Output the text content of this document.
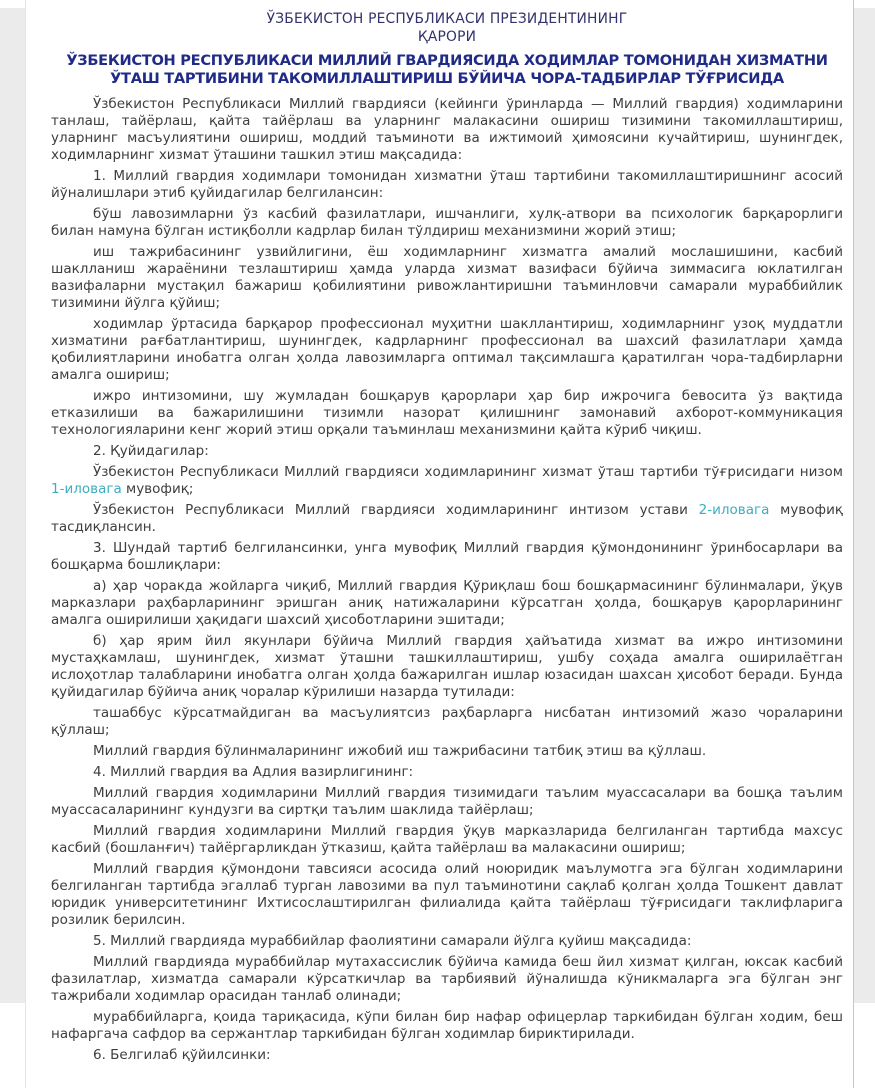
ЎЗБЕКИСТОН РЕСПУБЛИКАСИ ПРЕЗИДЕНТИНИНГ
ҚАРОРИ
ЎЗБЕКИСТОН РЕСПУБЛИКАСИ МИЛЛИЙ ГВАРДИЯСИДА ХОДИМЛАР ТОМОНИДАН ХИЗМАТНИ ЎТАШ ТАРТИБИНИ ТАКОМИЛЛАШТИРИШ БЎЙИЧА ЧОРА-ТАДБИРЛАР ТЎҒРИСИДА

Ўзбекистон Республикаси Миллий гвардияси (кейинги ўринларда — Миллий гвардия) ходимларини танлаш, тайёрлаш, қайта тайёрлаш ва уларнинг малакасини ошириш тизимини такомиллаштириш, уларнинг масъулиятини ошириш, моддий таъминоти ва ижтимоий ҳимоясини кучайтириш, шунингдек, ходимларнинг хизмат ўташини ташкил этиш мақсадида:

1. Миллий гвардия ходимлари томонидан хизматни ўташ тартибини такомиллаштиришнинг асосий йўналишлари этиб қуйидагилар белгилансин:

бўш лавозимларни ўз касбий фазилатлари, ишчанлиги, хулқ-атвори ва психологик барқарорлиги билан намуна бўлган истиқболли кадрлар билан тўлдириш механизмини жорий этиш;

иш тажрибасининг узвийлигини, ёш ходимларнинг хизматга амалий мослашишини, касбий шаклланиш жараёнини тезлаштириш ҳамда уларда хизмат вазифаси бўйича зиммасига юклатилган вазифаларни мустақил бажариш қобилиятини ривожлантиришни таъминловчи самарали мураббийлик тизимини йўлга қўйиш;

ходимлар ўртасида барқарор профессионал муҳитни шакллантириш, ходимларнинг узоқ муддатли хизматини рағбатлантириш, шунингдек, кадрларнинг профессионал ва шахсий фазилатлари ҳамда қобилиятларини инобатга олган ҳолда лавозимларга оптимал тақсимлашга қаратилган чора-тадбирларни амалга ошириш;

ижро интизомини, шу жумладан бошқарув қарорлари ҳар бир ижрочига бевосита ўз вақтида етказилиши ва бажарилишини тизимли назорат қилишнинг замонавий ахборот-коммуникация технологияларини кенг жорий этиш орқали таъминлаш механизмини қайта кўриб чиқиш.

2. Қуйидагилар:

Ўзбекистон Республикаси Миллий гвардияси ходимларининг хизмат ўташ тартиби тўғрисидаги низом 1-иловага мувофиқ;

Ўзбекистон Республикаси Миллий гвардияси ходимларининг интизом устави 2-иловага мувофиқ тасдиқлансин.

3. Шундай тартиб белгилансинки, унга мувофиқ Миллий гвардия қўмондонининг ўринбосарлари ва бошқарма бошлиқлари:

а) ҳар чоракда жойларга чиқиб, Миллий гвардия Қўриқлаш бош бошқармасининг бўлинмалари, ўқув марказлари раҳбарларининг эришган аниқ натижаларини кўрсатган ҳолда, бошқарув қарорларининг амалга оширилиши ҳақидаги шахсий ҳисоботларини эшитади;

б) ҳар ярим йил якунлари бўйича Миллий гвардия ҳайъатида хизмат ва ижро интизомини мустаҳкамлаш, шунингдек, хизмат ўташни ташкиллаштириш, ушбу соҳада амалга оширилаётган ислоҳотлар талабларини инобатга олган ҳолда бажарилган ишлар юзасидан шахсан ҳисобот беради. Бунда қуйидагилар бўйича аниқ чоралар кўрилиши назарда тутилади:

ташаббус кўрсатмайдиган ва масъулиятсиз раҳбарларга нисбатан интизомий жазо чораларини қўллаш;

Миллий гвардия бўлинмаларининг ижобий иш тажрибасини татбиқ этиш ва қўллаш.

4. Миллий гвардия ва Адлия вазирлигининг:

Миллий гвардия ходимларини Миллий гвардия тизимидаги таълим муассасалари ва бошқа таълим муассасаларининг кундузги ва сиртқи таълим шаклида тайёрлаш;

Миллий гвардия ходимларини Миллий гвардия ўқув марказларида белгиланган тартибда махсус касбий (бошланғич) тайёргарликдан ўтказиш, қайта тайёрлаш ва малакасини ошириш;

Миллий гвардия қўмондони тавсияси асосида олий ноюридик маълумотга эга бўлган ходимларини белгиланган тартибда эгаллаб турган лавозими ва пул таъминотини сақлаб қолган ҳолда Тошкент давлат юридик университетининг Ихтисослаштирилган филиалида қайта тайёрлаш тўғрисидаги таклифларига розилик берилсин.

5. Миллий гвардияда мураббийлар фаолиятини самарали йўлга қуйиш мақсадида:

Миллий гвардияда мураббийлар мутахассислик бўйича камида беш йил хизмат қилган, юксак касбий фазилатлар, хизматда самарали кўрсаткичлар ва тарбиявий йўналишда кўникмаларга эга бўлган энг тажрибали ходимлар орасидан танлаб олинади;

мураббийларга, қоида тариқасида, кўпи билан бир нафар офицерлар таркибидан бўлган ходим, беш нафаргача сафдор ва сержантлар таркибидан бўлган ходимлар бириктирилади.

6. Белгилаб қўйилсинки:
